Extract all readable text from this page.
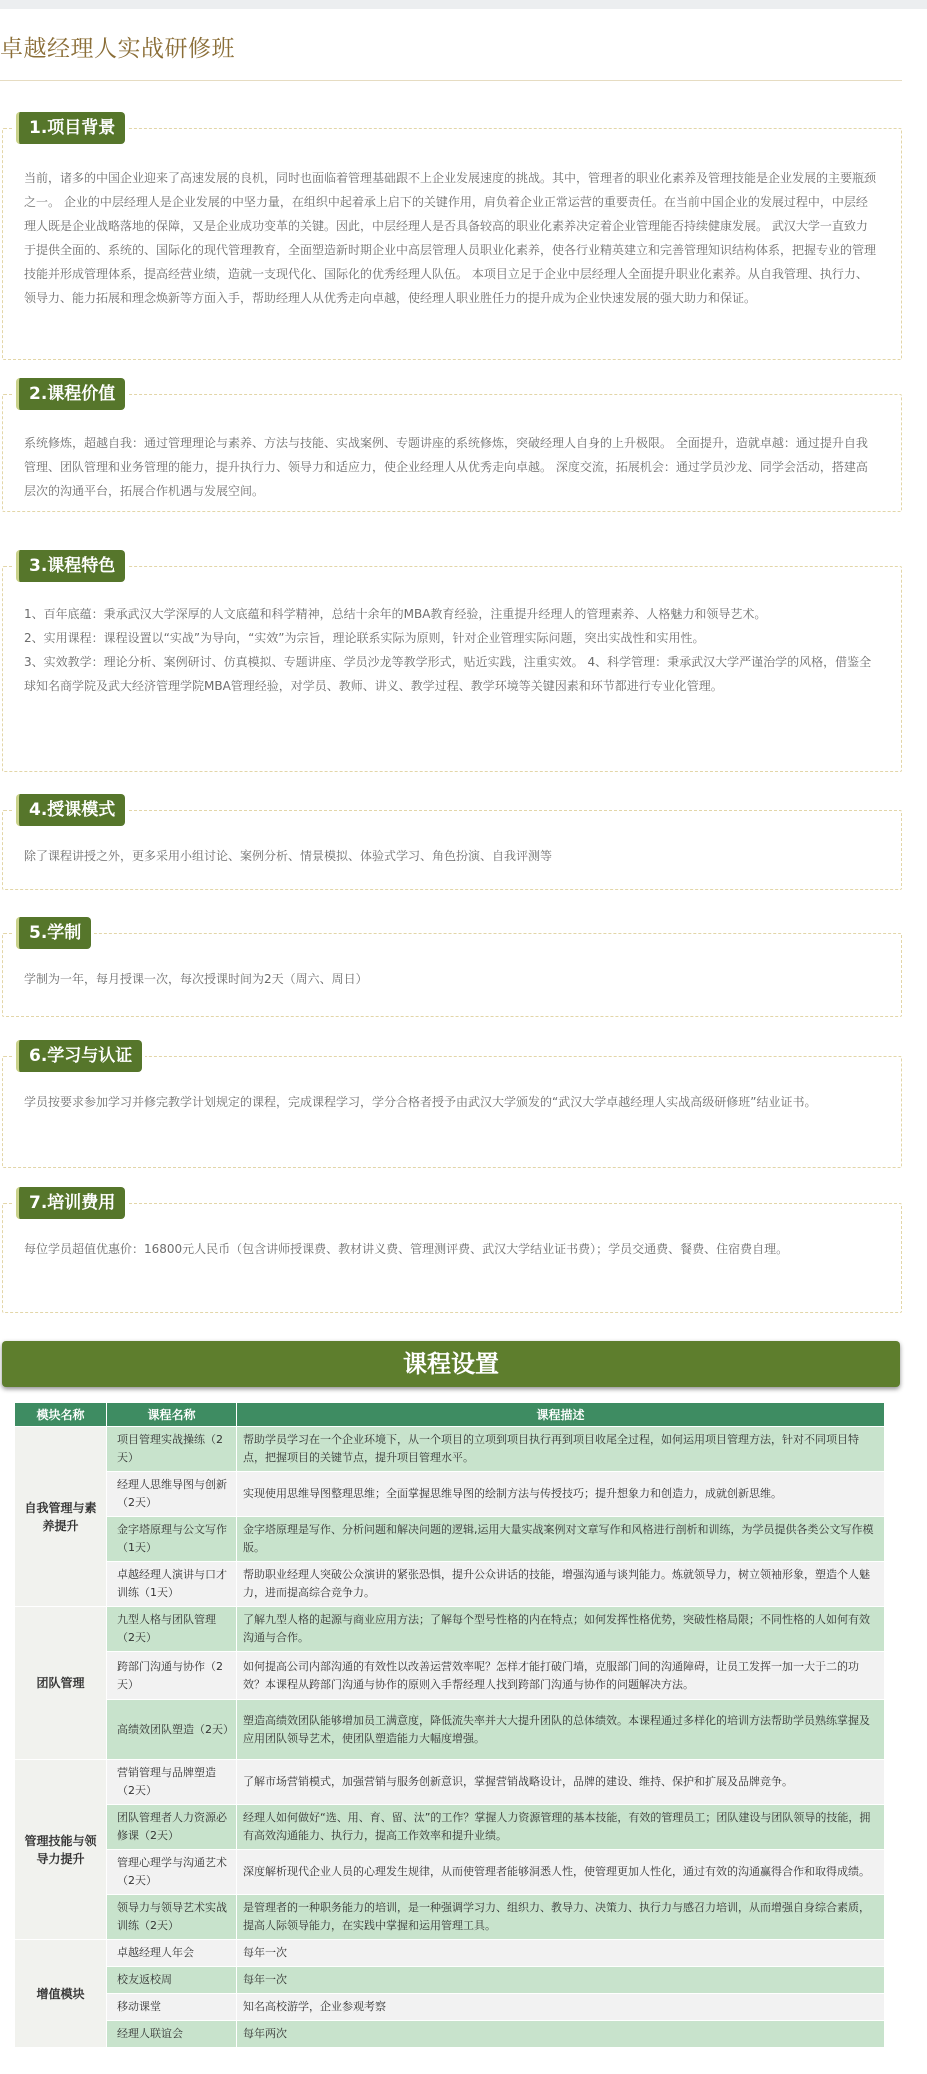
卓越经理人实战研修班
1.项目背景
当前，诸多的中国企业迎来了高速发展的良机，同时也面临着管理基础跟不上企业发展速度的挑战。其中，管理者的职业化素养及管理技能是企业发展的主要瓶颈之一。 企业的中层经理人是企业发展的中坚力量，在组织中起着承上启下的关键作用，肩负着企业正常运营的重要责任。在当前中国企业的发展过程中，中层经理人既是企业战略落地的保障，又是企业成功变革的关键。因此，中层经理人是否具备较高的职业化素养决定着企业管理能否持续健康发展。 武汉大学一直致力于提供全面的、系统的、国际化的现代管理教育，全面塑造新时期企业中高层管理人员职业化素养，使各行业精英建立和完善管理知识结构体系，把握专业的管理技能并形成管理体系，提高经营业绩，造就一支现代化、国际化的优秀经理人队伍。 本项目立足于企业中层经理人全面提升职业化素养。从自我管理、执行力、领导力、能力拓展和理念焕新等方面入手，帮助经理人从优秀走向卓越，使经理人职业胜任力的提升成为企业快速发展的强大助力和保证。
2.课程价值
系统修炼，超越自我：通过管理理论与素养、方法与技能、实战案例、专题讲座的系统修炼，突破经理人自身的上升极限。 全面提升，造就卓越：通过提升自我管理、团队管理和业务管理的能力，提升执行力、领导力和适应力，使企业经理人从优秀走向卓越。 深度交流，拓展机会：通过学员沙龙、同学会活动，搭建高层次的沟通平台，拓展合作机遇与发展空间。
3.课程特色
1、百年底蕴：秉承武汉大学深厚的人文底蕴和科学精神，总结十余年的MBA教育经验，注重提升经理人的管理素养、人格魅力和领导艺术。
2、实用课程：课程设置以“实战”为导向，“实效”为宗旨，理论联系实际为原则，针对企业管理实际问题，突出实战性和实用性。
3、实效教学：理论分析、案例研讨、仿真模拟、专题讲座、学员沙龙等教学形式，贴近实践，注重实效。 4、科学管理：秉承武汉大学严谨治学的风格，借鉴全球知名商学院及武大经济管理学院MBA管理经验，对学员、教师、讲义、教学过程、教学环境等关键因素和环节都进行专业化管理。
4.授课模式
除了课程讲授之外，更多采用小组讨论、案例分析、情景模拟、体验式学习、角色扮演、自我评测等
5.学制
学制为一年，每月授课一次，每次授课时间为2天（周六、周日）
6.学习与认证
学员按要求参加学习并修完教学计划规定的课程，完成课程学习，学分合格者授予由武汉大学颁发的“武汉大学卓越经理人实战高级研修班”结业证书。
7.培训费用
每位学员超值优惠价：16800元人民币（包含讲师授课费、教材讲义费、管理测评费、武汉大学结业证书费）；学员交通费、餐费、住宿费自理。
课程设置
模块名称	课程名称	课程描述
自我管理与素养提升	项目管理实战操练（2天）	帮助学员学习在一个企业环境下，从一个项目的立项到项目执行再到项目收尾全过程，如何运用项目管理方法，针对不同项目特点，把握项目的关键节点，提升项目管理水平。
	经理人思维导图与创新（2天）	实现使用思维导图整理思维；全面掌握思维导图的绘制方法与传授技巧；提升想象力和创造力，成就创新思维。
	金字塔原理与公文写作（1天）	金字塔原理是写作、分析问题和解决问题的逻辑,运用大量实战案例对文章写作和风格进行剖析和训练，为学员提供各类公文写作模版。
	卓越经理人演讲与口才训练（1天）	帮助职业经理人突破公众演讲的紧张恐惧，提升公众讲话的技能，增强沟通与谈判能力。炼就领导力，树立领袖形象，塑造个人魅力，进而提高综合竞争力。
团队管理	九型人格与团队管理（2天）	了解九型人格的起源与商业应用方法；了解每个型号性格的内在特点；如何发挥性格优势，突破性格局限；不同性格的人如何有效沟通与合作。
	跨部门沟通与协作（2天）	如何提高公司内部沟通的有效性以改善运营效率呢？怎样才能打破门墙，克服部门间的沟通障碍，让员工发挥一加一大于二的功效？本课程从跨部门沟通与协作的原则入手帮经理人找到跨部门沟通与协作的问题解决方法。
	高绩效团队塑造（2天）	塑造高绩效团队能够增加员工满意度，降低流失率并大大提升团队的总体绩效。本课程通过多样化的培训方法帮助学员熟练掌握及应用团队领导艺术，使团队塑造能力大幅度增强。
管理技能与领导力提升	营销管理与品牌塑造（2天）	了解市场营销模式，加强营销与服务创新意识，掌握营销战略设计，品牌的建设、维持、保护和扩展及品牌竞争。
	团队管理者人力资源必修课（2天）	经理人如何做好“选、用、育、留、汰”的工作？掌握人力资源管理的基本技能，有效的管理员工；团队建设与团队领导的技能，拥有高效沟通能力、执行力，提高工作效率和提升业绩。
	管理心理学与沟通艺术（2天）	深度解析现代企业人员的心理发生规律，从而使管理者能够洞悉人性，使管理更加人性化，通过有效的沟通赢得合作和取得成绩。
	领导力与领导艺术实战训练（2天）	是管理者的一种职务能力的培训，是一种强调学习力、组织力、教导力、决策力、执行力与感召力培训，从而增强自身综合素质，提高人际领导能力，在实践中掌握和运用管理工具。
增值模块	卓越经理人年会	每年一次
	校友返校周	每年一次
	移动课堂	知名高校游学，企业参观考察
	经理人联谊会	每年两次
